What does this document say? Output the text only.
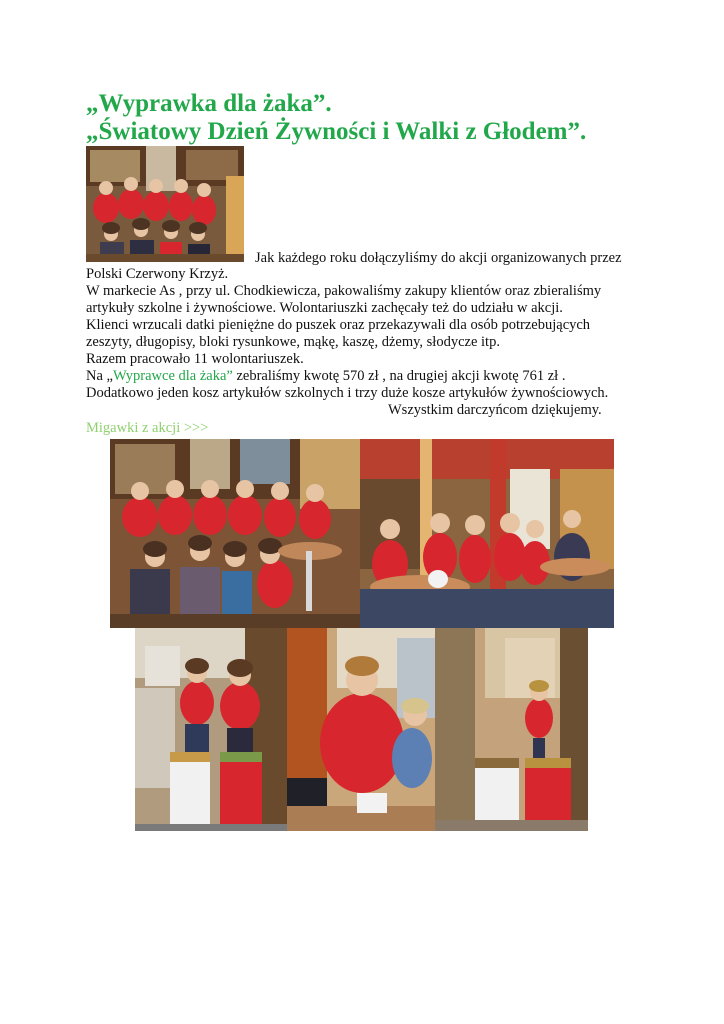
„Wyprawka dla żaka”.
„Światowy Dzień Żywności i Walki z Głodem”.
Jak każdego roku dołączyliśmy do akcji organizowanych przez
Polski Czerwony Krzyż.
W markecie As , przy ul. Chodkiewicza, pakowaliśmy zakupy klientów oraz zbieraliśmy
artykuły szkolne i żywnościowe. Wolontariuszki zachęcały też do udziału w akcji.
Klienci wrzucali datki pieniężne do puszek oraz przekazywali dla osób potrzebujących
zeszyty, długopisy, bloki rysunkowe, mąkę, kaszę, dżemy, słodycze itp.
Razem pracowało 11 wolontariuszek.
Na „Wyprawce dla żaka” zebraliśmy kwotę 570 zł , na drugiej akcji kwotę 761 zł .
Dodatkowo jeden kosz artykułów szkolnych i trzy duże kosze artykułów żywnościowych.
Wszystkim darczyńcom dziękujemy.
Migawki z akcji >>>
